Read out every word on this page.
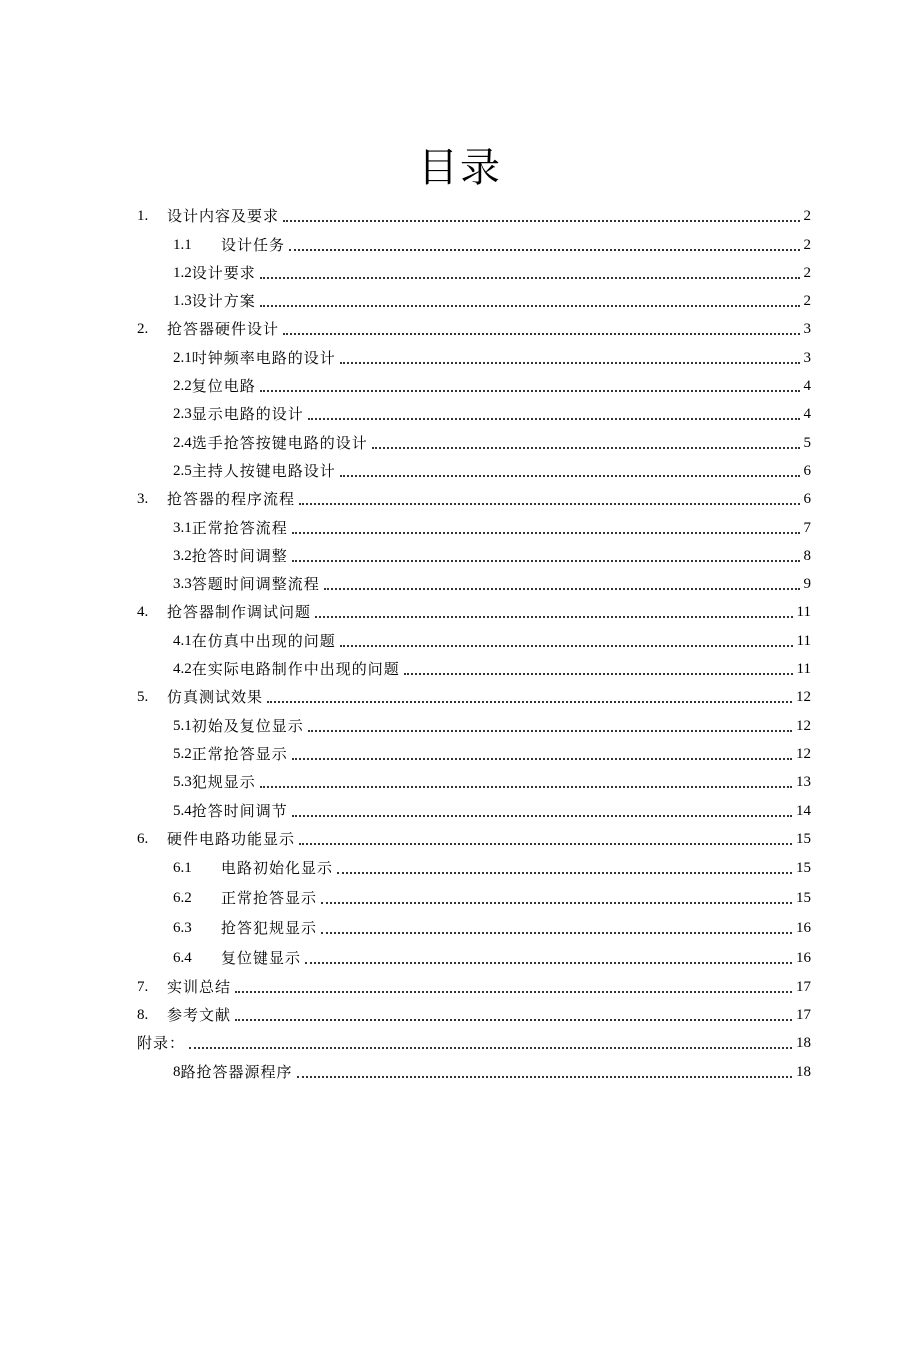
目录
1.	设计内容及要求	2
1.1	设计任务	2
1.2 设计要求	2
1.3 设计方案	2
2.	抢答器硬件设计	3
2.1 吋钟频率电路的设计	3
2.2 复位电路	4
2.3 显示电路的设计	4
2.4 选手抢答按键电路的设计	5
2.5 主持人按键电路设计	6
3.	抢答器的程序流程	6
3.1 正常抢答流程	7
3.2 抢答时间调整	8
3.3 答题时间调整流程	9
4.	抢答器制作调试问题	11
4.1 在仿真中出现的问题	11
4.2 在实际电路制作中出现的问题	11
5.	仿真测试效果	12
5.1 初始及复位显示	12
5.2 正常抢答显示	12
5.3 犯规显示	13
5.4 抢答时间调节	14
6.	硬件电路功能显示	15
6.1	电路初始化显示	15
6.2	正常抢答显示	15
6.3	抢答犯规显示	16
6.4	复位键显示	16
7.	实训总结	17
8.	参考文献	17
附录：	18
8 路抢答器源程序	18
